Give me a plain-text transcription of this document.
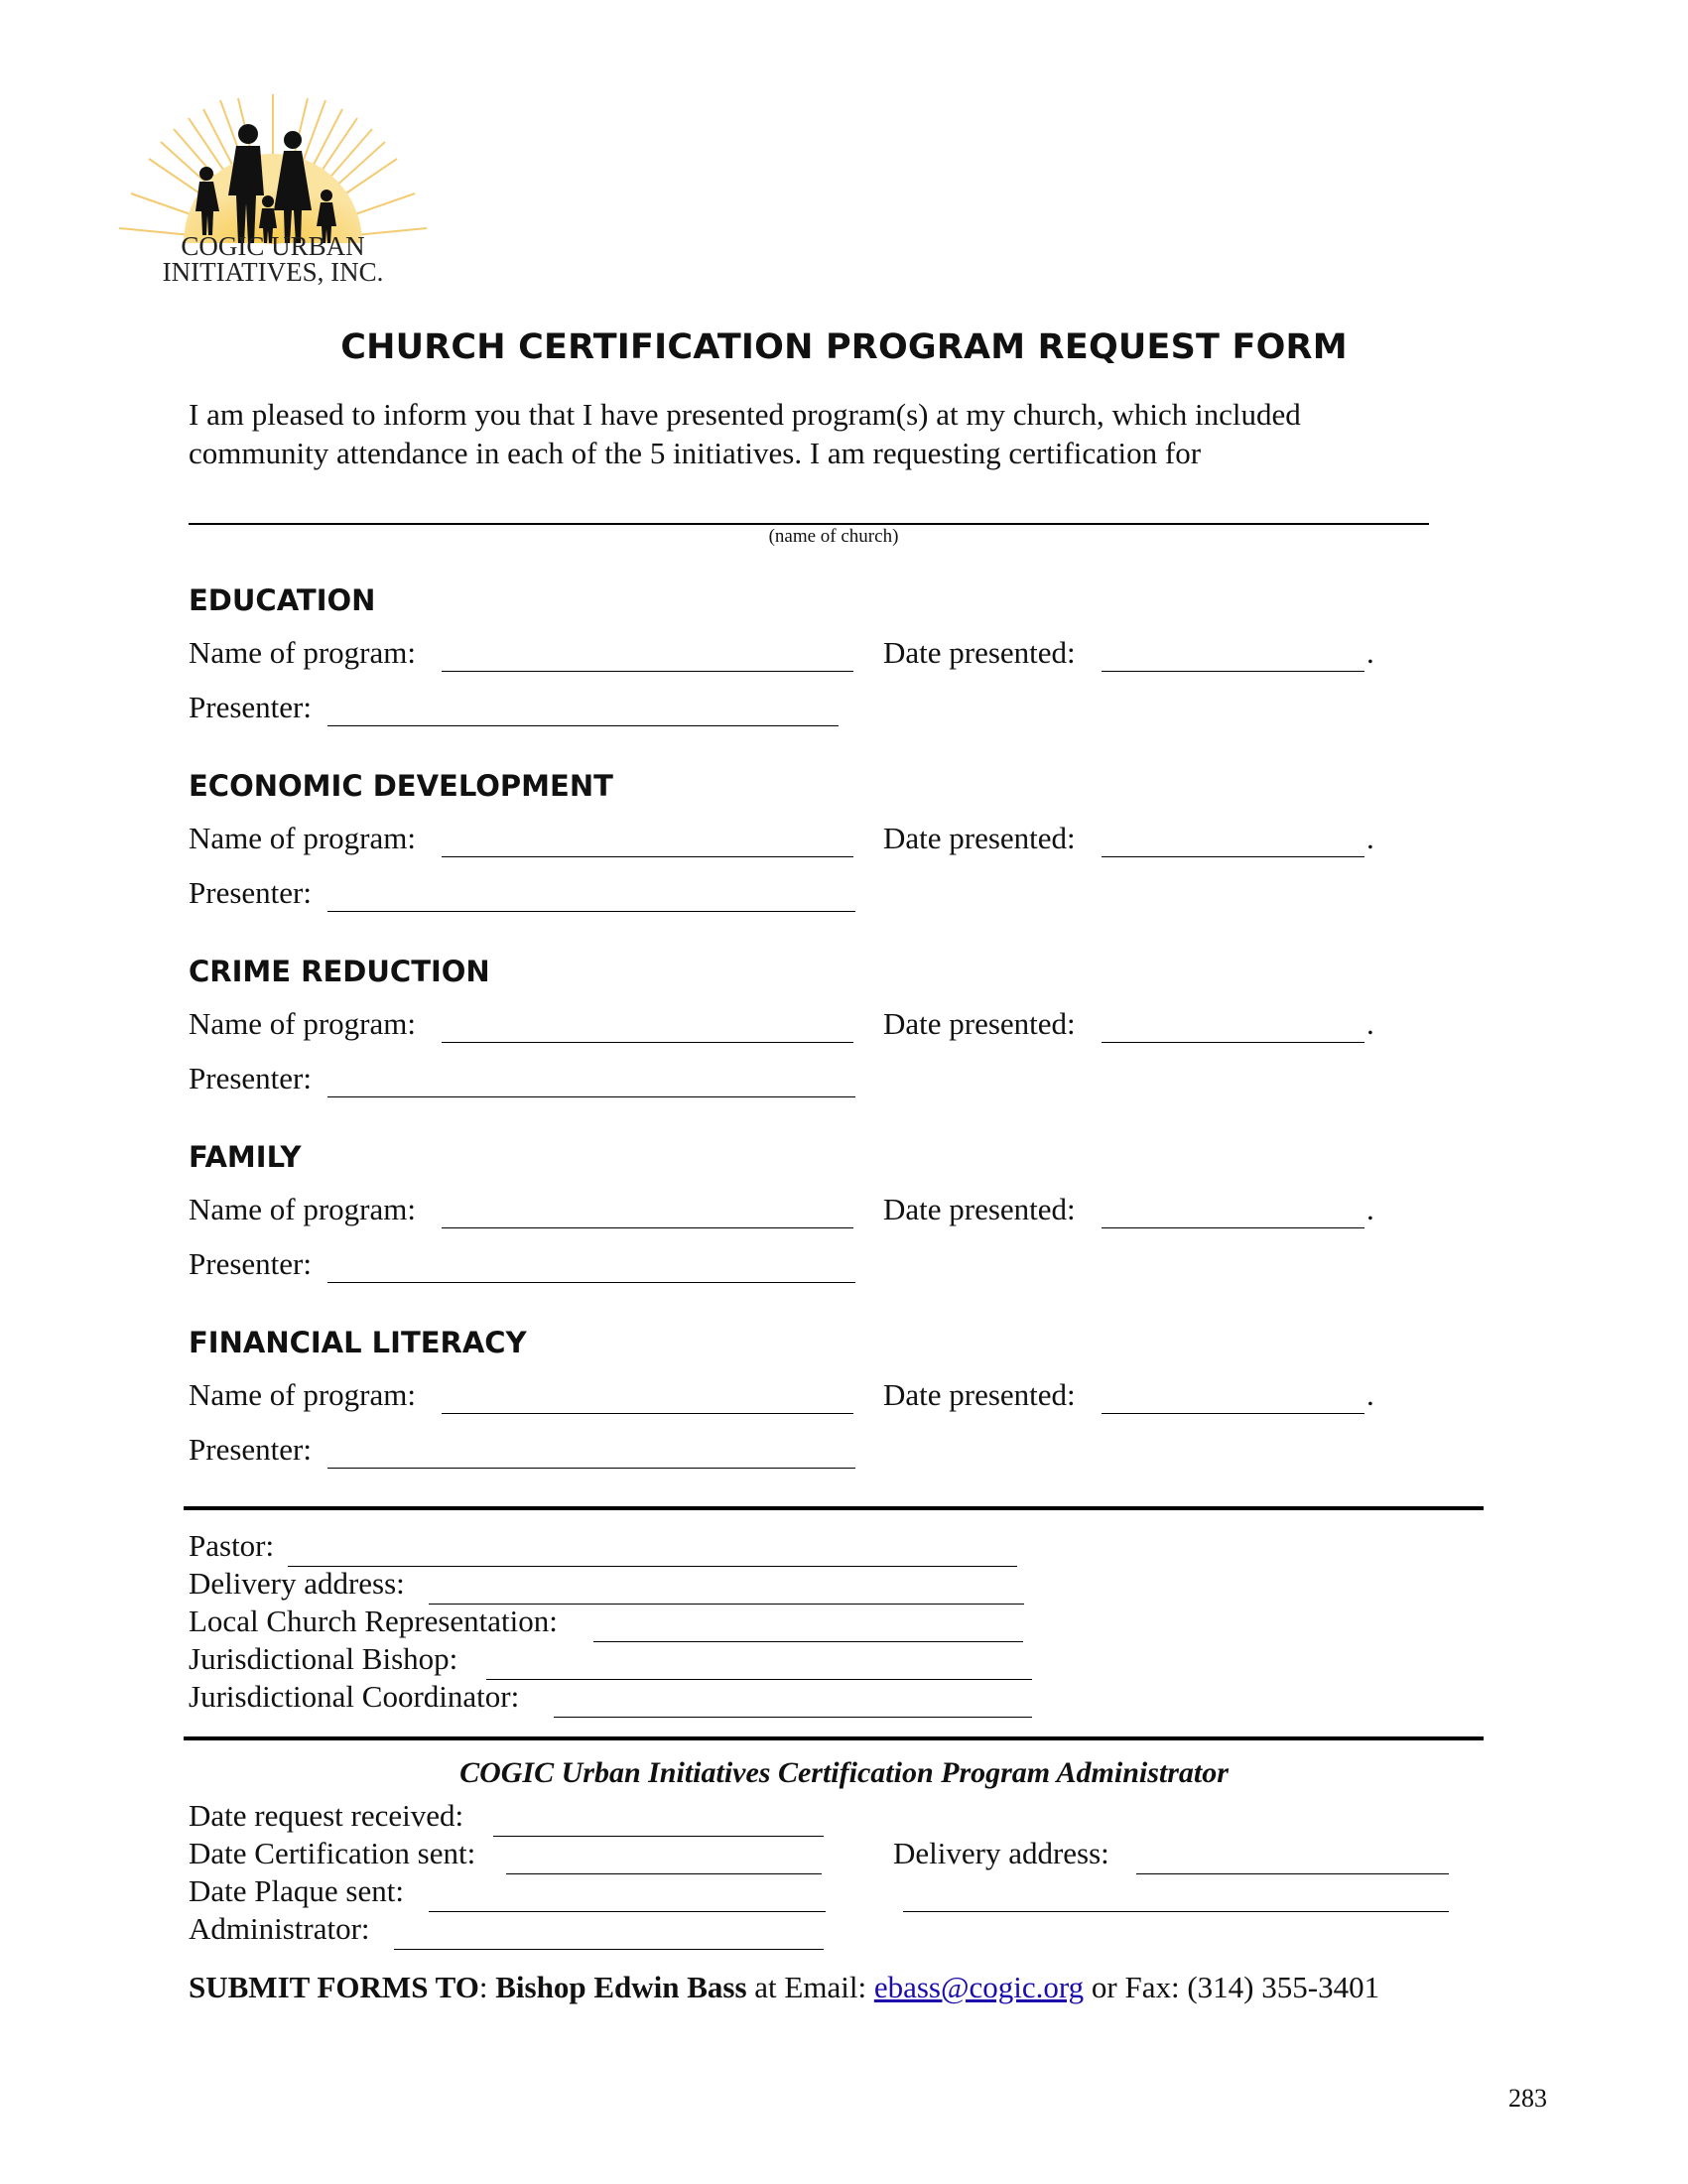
COGIC URBAN
INITIATIVES, INC.
CHURCH CERTIFICATION PROGRAM REQUEST FORM
I am pleased to inform you that I have presented program(s) at my church, which included
community attendance in each of the 5 initiatives. I am requesting certification for
(name of church)
EDUCATION
Name of program:	Date presented:	.
Presenter:
ECONOMIC DEVELOPMENT
Name of program:	Date presented:	.
Presenter:
CRIME REDUCTION
Name of program:	Date presented:	.
Presenter:
FAMILY
Name of program:	Date presented:	.
Presenter:
FINANCIAL LITERACY
Name of program:	Date presented:	.
Presenter:
Pastor:
Delivery address:
Local Church Representation:
Jurisdictional Bishop:
Jurisdictional Coordinator:
COGIC Urban Initiatives Certification Program Administrator
Date request received:
Date Certification sent:
Date Plaque sent:
Administrator:
Delivery address:
SUBMIT FORMS TO: Bishop Edwin Bass at Email: ebass@cogic.org or Fax: (314) 355-3401
283
